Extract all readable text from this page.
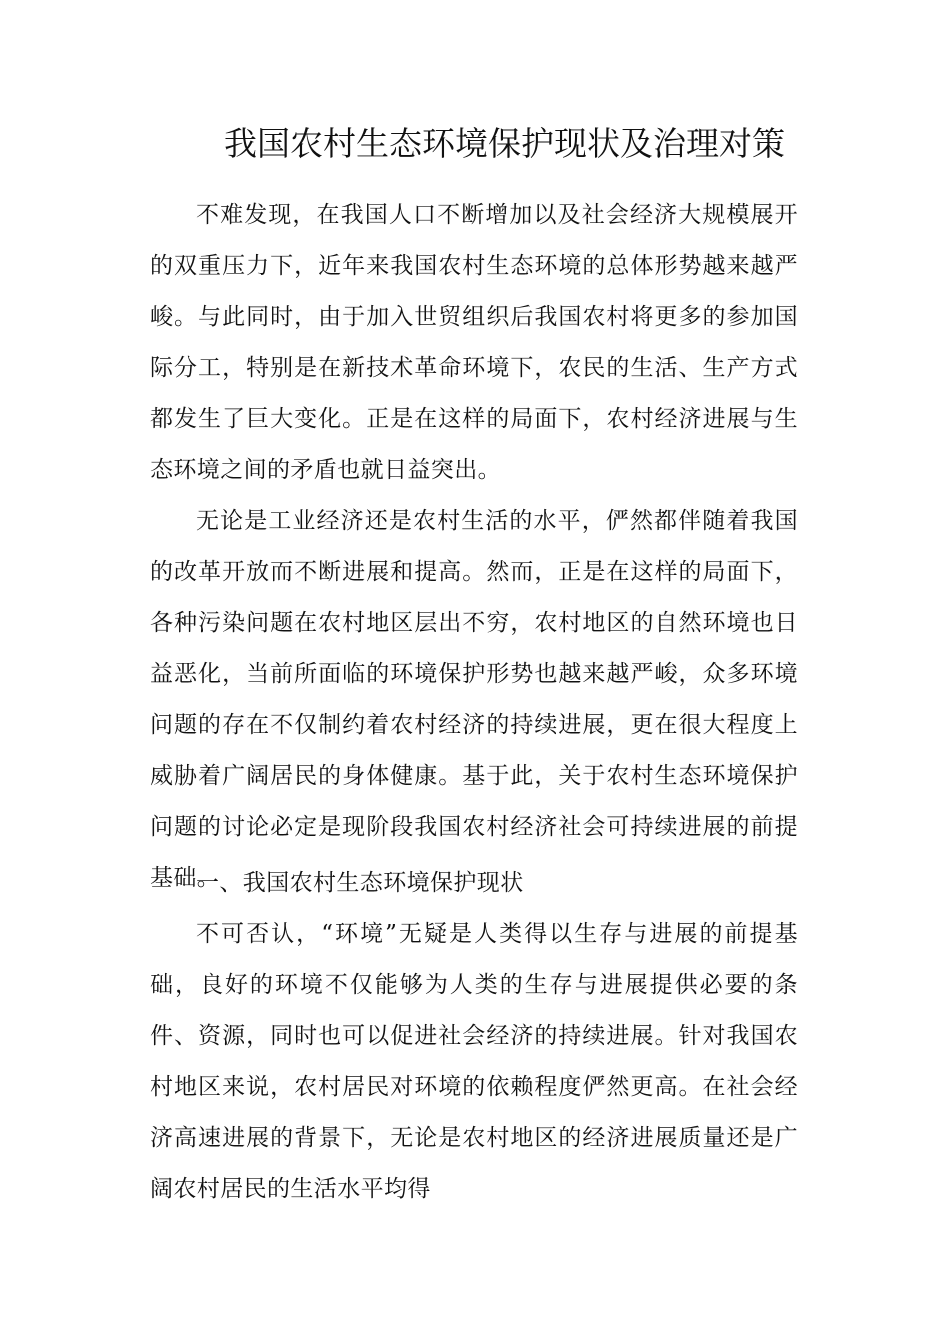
我国农村生态环境保护现状及治理对策

不难发现，在我国人口不断增加以及社会经济大规模展开的双重压力下，近年来我国农村生态环境的总体形势越来越严峻。与此同时，由于加入世贸组织后我国农村将更多的参加国际分工，特别是在新技术革命环境下，农民的生活、生产方式都发生了巨大变化。正是在这样的局面下，农村经济进展与生态环境之间的矛盾也就日益突出。

无论是工业经济还是农村生活的水平，俨然都伴随着我国的改革开放而不断进展和提高。然而，正是在这样的局面下，各种污染问题在农村地区层出不穷，农村地区的自然环境也日益恶化，当前所面临的环境保护形势也越来越严峻，众多环境问题的存在不仅制约着农村经济的持续进展，更在很大程度上威胁着广阔居民的身体健康。基于此，关于农村生态环境保护问题的讨论必定是现阶段我国农村经济社会可持续进展的前提基础。

一、我国农村生态环境保护现状

不可否认，“环境”无疑是人类得以生存与进展的前提基础，良好的环境不仅能够为人类的生存与进展提供必要的条件、资源，同时也可以促进社会经济的持续进展。针对我国农村地区来说，农村居民对环境的依赖程度俨然更高。在社会经济高速进展的背景下，无论是农村地区的经济进展质量还是广阔农村居民的生活水平均得
